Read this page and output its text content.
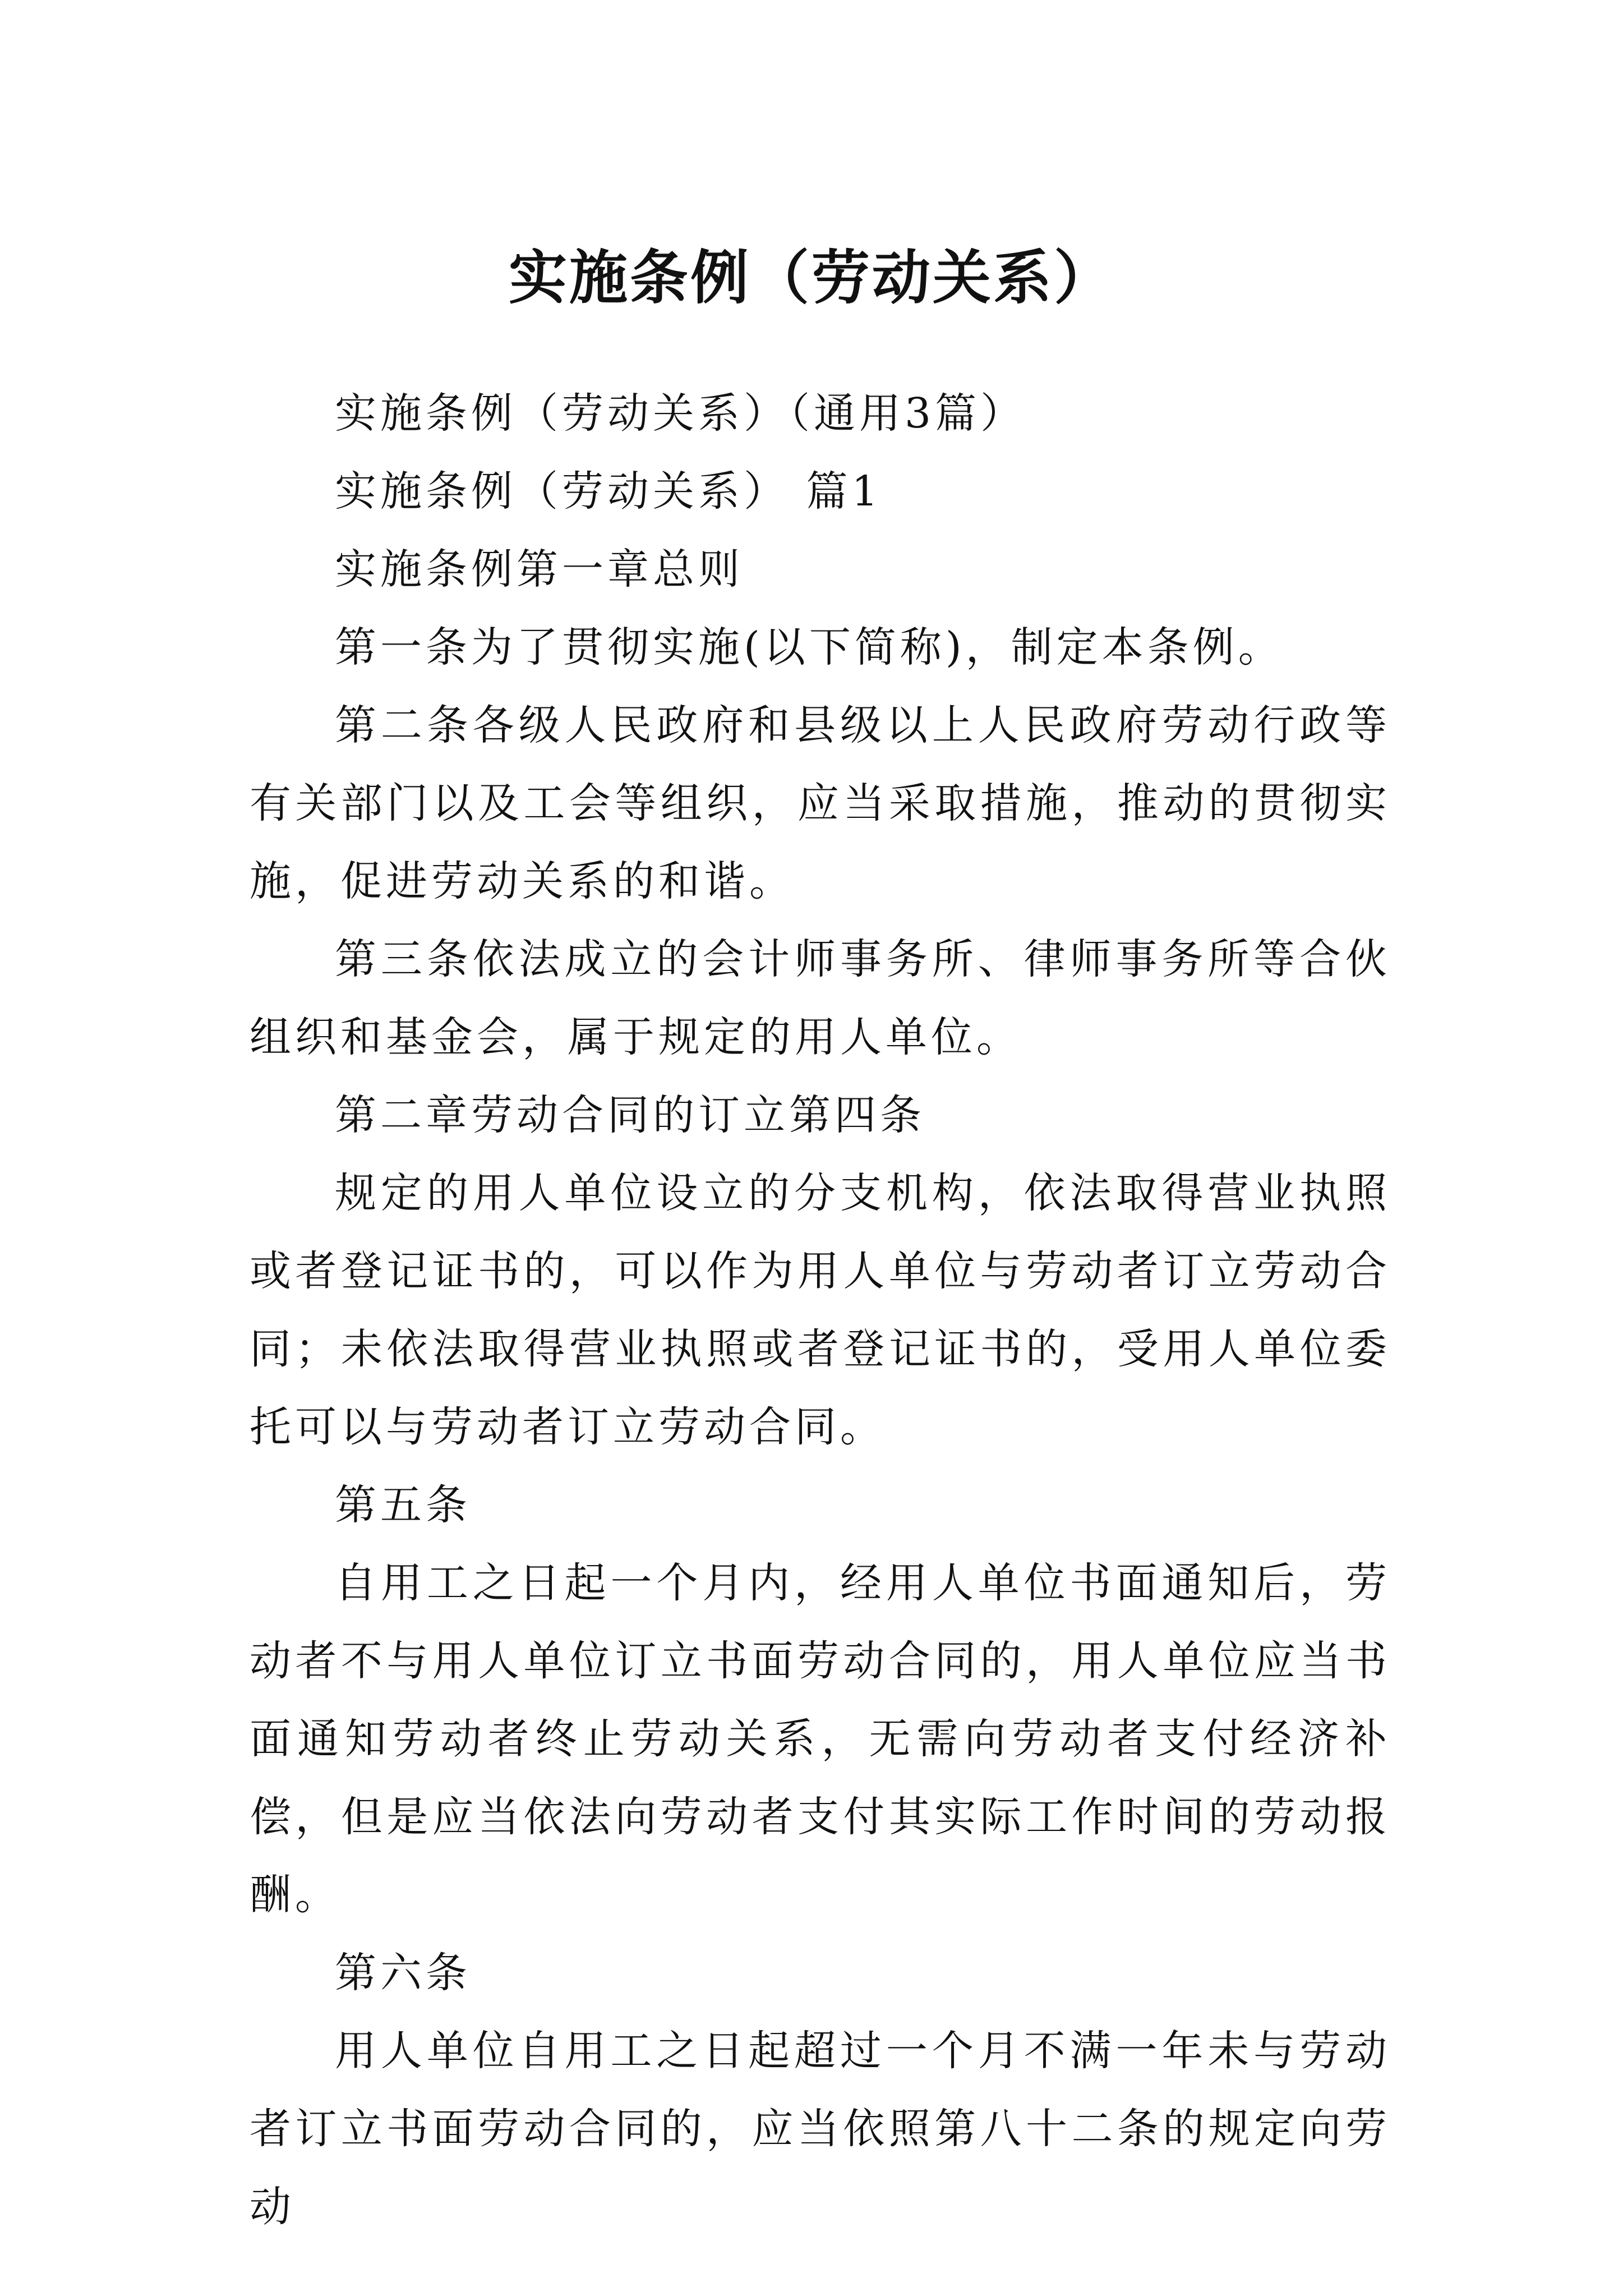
实施条例（劳动关系）

实施条例（劳动关系）（通用3篇）

实施条例（劳动关系） 篇1

实施条例第一章总则

第一条为了贯彻实施(以下简称)，制定本条例。

第二条各级人民政府和县级以上人民政府劳动行政等有关部门以及工会等组织，应当采取措施，推动的贯彻实施，促进劳动关系的和谐。

第三条依法成立的会计师事务所、律师事务所等合伙组织和基金会，属于规定的用人单位。

第二章劳动合同的订立第四条

规定的用人单位设立的分支机构，依法取得营业执照或者登记证书的，可以作为用人单位与劳动者订立劳动合同；未依法取得营业执照或者登记证书的，受用人单位委托可以与劳动者订立劳动合同。

第五条

自用工之日起一个月内，经用人单位书面通知后，劳动者不与用人单位订立书面劳动合同的，用人单位应当书面通知劳动者终止劳动关系，无需向劳动者支付经济补偿，但是应当依法向劳动者支付其实际工作时间的劳动报酬。

第六条

用人单位自用工之日起超过一个月不满一年未与劳动者订立书面劳动合同的，应当依照第八十二条的规定向劳动
